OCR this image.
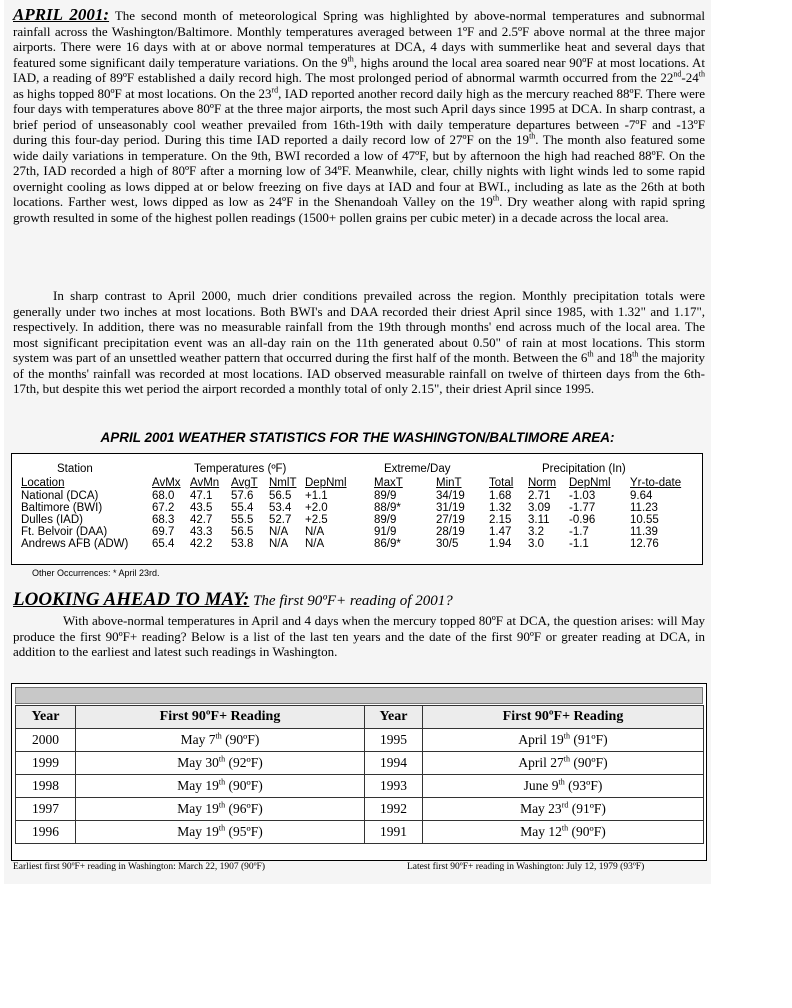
APRIL 2001: The second month of meteorological Spring was highlighted by above-normal temperatures and subnormal rainfall across the Washington/Baltimore. Monthly temperatures averaged between 1ºF and 2.5ºF above normal at the three major airports. There were 16 days with at or above normal temperatures at DCA, 4 days with summerlike heat and several days that featured some significant daily temperature variations. On the 9th, highs around the local area soared near 90ºF at most locations. At IAD, a reading of 89ºF established a daily record high. The most prolonged period of abnormal warmth occurred from the 22nd-24th as highs topped 80ºF at most locations. On the 23rd, IAD reported another record daily high as the mercury reached 88ºF. There were four days with temperatures above 80ºF at the three major airports, the most such April days since 1995 at DCA. In sharp contrast, a brief period of unseasonably cool weather prevailed from 16th-19th with daily temperature departures between -7ºF and -13ºF during this four-day period. During this time IAD reported a daily record low of 27ºF on the 19th. The month also featured some wide daily variations in temperature. On the 9th, BWI recorded a low of 47ºF, but by afternoon the high had reached 88ºF. On the 27th, IAD recorded a high of 80ºF after a morning low of 34ºF. Meanwhile, clear, chilly nights with light winds led to some rapid overnight cooling as lows dipped at or below freezing on five days at IAD and four at BWI., including as late as the 26th at both locations. Farther west, lows dipped as low as 24ºF in the Shenandoah Valley on the 19th. Dry weather along with rapid spring growth resulted in some of the highest pollen readings (1500+ pollen grains per cubic meter) in a decade across the local area.

In sharp contrast to April 2000, much drier conditions prevailed across the region. Monthly precipitation totals were generally under two inches at most locations. Both BWI's and DAA recorded their driest April since 1985, with 1.32" and 1.17", respectively. In addition, there was no measurable rainfall from the 19th through months' end across much of the local area. The most significant precipitation event was an all-day rain on the 11th generated about 0.50" of rain at most locations. This storm system was part of an unsettled weather pattern that occurred during the first half of the month. Between the 6th and 18th the majority of the months' rainfall was recorded at most locations. IAD observed measurable rainfall on twelve of thirteen days from the 6th-17th, but despite this wet period the airport recorded a monthly total of only 2.15", their driest April since 1995.

APRIL 2001 WEATHER STATISTICS FOR THE WASHINGTON/BALTIMORE AREA:
Station	Temperatures (ºF)	Extreme/Day	Precipitation (In)
Location	AvMx AvMn AvgT NmlT DepNml MaxT	MinT Total Norm DepNml Yr-to-date
National (DCA)	68.0 47.1 57.6 56.5 +1.1	89/9	34/19 1.68 2.71 -1.03	9.64
Baltimore (BWI)	67.2 43.5 55.4 53.4 +2.0	88/9*	31/19 1.32 3.09 -1.77	11.23
Dulles (IAD)	68.3 42.7 55.5 52.7 +2.5	89/9	27/19 2.15 3.11 -0.96	10.55
Ft. Belvoir (DAA)	69.7 43.3 56.5 N/A N/A	91/9	28/19 1.47 3.2 -1.7	11.39
Andrews AFB (ADW) 65.4 42.2 53.8 N/A N/A	86/9*	30/5	1.94 3.0 -1.1	12.76
Other Occurrences: * April 23rd.
LOOKING AHEAD TO MAY: The first 90ºF+ reading of 2001?

With above-normal temperatures in April and 4 days when the mercury topped 80ºF at DCA, the question arises: will May produce the first 90ºF+ reading? Below is a list of the last ten years and the date of the first 90ºF or greater reading at DCA, in addition to the earliest and latest such readings in Washington.

Year	First 90ºF+ Reading	Year	First 90ºF+ Reading
2000	May 7th (90ºF)	1995	April 19th (91ºF)
1999	May 30th (92ºF)	1994	April 27th (90ºF)
1998	May 19th (90ºF)	1993	June 9th (93ºF)
1997	May 19th (96ºF)	1992	May 23rd (91ºF)
1996	May 19th (95ºF)	1991	May 12th (90ºF)
Earliest first 90ºF+ reading in Washington: March 22, 1907 (90ºF)	Latest first 90ºF+ reading in Washington: July 12, 1979 (93ºF)
